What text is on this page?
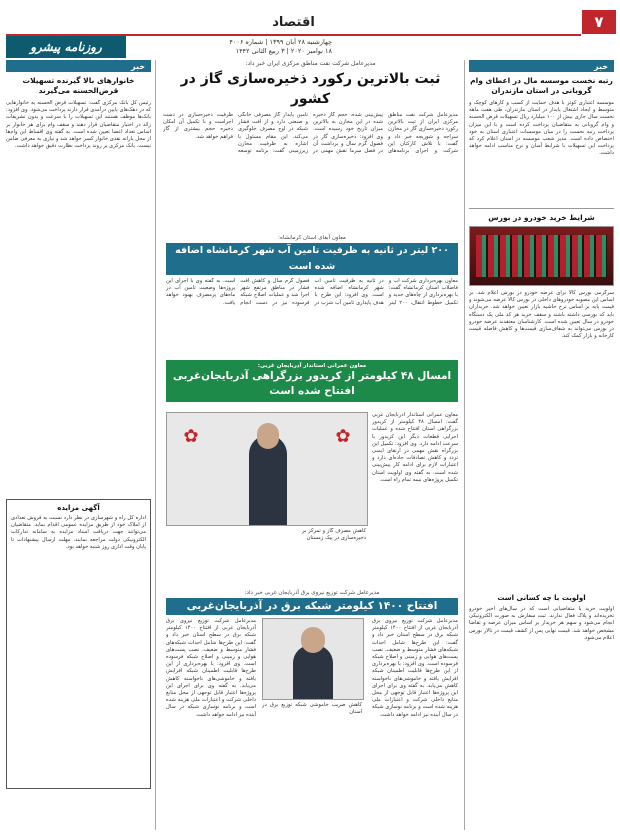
۷
اقتصاد
روزنامه پیشرو	چهارشنبه ۲۸ آبان ۱۳۹۹ | شماره ۴۰۰۶
۱۸ نوامبر ۲۰۲۰ | ۳ ربیع الثانی ۱۴۴۲
خبر
رتبه نخست موسسه مال در اعطای وام‌ گروبانی در استان مازندران
موسسه اعتباری کوثر با هدف حمایت از کسب و کارهای کوچک و متوسط و ایجاد اشتغال پایدار در استان مازندران، طی هفت ماهه نخست سال جاری بیش از ۱۰۰ میلیارد ریال تسهیلات قرض الحسنه و وام گروبانی به متقاضیان پرداخت کرده است و با این میزان پرداخت رتبه نخست را در میان موسسات اعتباری استان به خود اختصاص داده است. مدیر شعب موسسه در استان اعلام کرد که پرداخت این تسهیلات با شرایط آسان و نرخ مناسب ادامه خواهد داشت.
شرایط خرید خودرو در بورس
سرگرمی بورس کالا برای عرضه خودرو در بورس اعلام شد. بر اساس این مصوبه خودروهای داخلی در بورس کالا عرضه می‌شوند و قیمت پایه بر اساس نرخ حاشیه بازار تعیین خواهد شد. خریداران باید کد بورسی داشته باشند و سقف خرید هر کد ملی یک دستگاه خودرو در سال تعیین شده است. کارشناسان معتقدند عرضه خودرو در بورس می‌تواند به شفاف‌سازی قیمت‌ها و کاهش فاصله قیمت کارخانه و بازار کمک کند.
اولویت با چه کسانی است
اولویت خرید با متقاضیانی است که در سال‌های اخیر خودرو نخریده‌اند و پلاک فعال ندارند. ثبت سفارش به صورت الکترونیکی انجام می‌شود و سهم هر خریدار بر اساس میزان عرضه و تقاضا مشخص خواهد شد. قیمت نهایی پس از کشف قیمت در تالار بورس اعلام می‌شود.
مدیرعامل شرکت نفت مناطق مرکزی ایران خبر داد:
ثبت بالاترین رکورد ذخیره‌سازی گاز در کشور
مدیرعامل شرکت نفت مناطق مرکزی ایران از ثبت بالاترین رکورد ذخیره‌سازی گاز در مخازن سراجه و شوریجه خبر داد و گفت: با تلاش کارکنان این شرکت و اجرای برنامه‌های پیش‌بینی شده، حجم گاز ذخیره شده در این مخازن به بالاترین میزان تاریخ خود رسیده است. وی افزود: ذخیره‌سازی گاز در فصول گرم سال و برداشت آن در فصل سرما نقش مهمی در تامین پایدار گاز مصرفی خانگی و صنعتی دارد و از افت فشار شبکه در اوج مصرف جلوگیری می‌کند. این مقام مسئول با اشاره به ظرفیت مخازن زیرزمینی گفت: برنامه توسعه ظرفیت ذخیره‌سازی در دست اجراست و با تکمیل آن امکان ذخیره حجم بیشتری از گاز فراهم خواهد شد.
خبر
خانوارهای بالا گیرنده تسهیلات قرض‌الحسنه می‌گیرند
رئیس کل بانک مرکزی گفت: تسهیلات قرض الحسنه به خانوارهایی که در دهک‌های پایین درآمدی قرار دارند پرداخت می‌شود. وی افزود: بانک‌ها موظف هستند این تسهیلات را با سرعت و بدون تشریفات زائد در اختیار متقاضیان قرار دهند و سقف وام برای هر خانوار بر اساس تعداد اعضا تعیین شده است. به گفته وی اقساط این وام‌ها از محل یارانه نقدی خانوار کسر خواهد شد و نیازی به معرفی ضامن نیست. بانک مرکزی بر روند پرداخت نظارت دقیق خواهد داشت.
آگهی مزایده
اداره کل راه و شهرسازی در نظر دارد نسبت به فروش تعدادی از املاک خود از طریق مزایده عمومی اقدام نماید. متقاضیان می‌توانند جهت دریافت اسناد مزایده به سامانه تدارکات الکترونیکی دولت مراجعه نمایند. مهلت ارسال پیشنهادات تا پایان وقت اداری روز شنبه خواهد بود.
معاون آبفای استان کرمانشاه:
۲۰۰ لیتر در ثانیه به ظرفیت تامین آب شهر کرمانشاه اضافه شده است
معاون بهره‌برداری شرکت آب و فاضلاب استان کرمانشاه گفت: با بهره‌برداری از چاه‌های جدید و تکمیل خطوط انتقال، ۲۰۰ لیتر در ثانیه به ظرفیت تامین آب شهر کرمانشاه اضافه شده است. وی افزود: این طرح با هدف پایداری تامین آب شرب در فصول گرم سال و کاهش افت فشار در مناطق مرتفع شهر اجرا شد و عملیات اصلاح شبکه فرسوده نیز در دست انجام است. به گفته وی با اجرای این پروژه‌ها وضعیت تامین آب در ماه‌های پرمصرف بهبود خواهد یافت.
معاون عمرانی استاندار آذربایجان غربی:
امسال ۴۸ کیلومتر از کریدور بزرگراهی آذربایجان‌غربی افتتاح شده است
معاون عمرانی استاندار آذربایجان غربی گفت: امسال ۴۸ کیلومتر از کریدور بزرگراهی استان افتتاح شده و عملیات اجرایی قطعات دیگر این کریدور با سرعت ادامه دارد. وی افزود: تکمیل این بزرگراه نقش مهمی در ارتقای ایمنی تردد و کاهش تصادفات جاده‌ای دارد و اعتبارات لازم برای ادامه کار پیش‌بینی شده است. به گفته وی اولویت استان تکمیل پروژه‌های نیمه تمام راه است.
✿	✿
کاهش مصرف گاز و تمرکز بر ذخیره‌سازی در پیک زمستان
مدیرعامل شرکت توزیع نیروی برق آذربایجان غربی خبر داد:
افتتاح ۱۴۰۰ کیلومتر شبکه برق در آذربایجان‌غربی
مدیرعامل شرکت توزیع نیروی برق آذربایجان غربی از افتتاح ۱۴۰۰ کیلومتر شبکه برق در سطح استان خبر داد و گفت: این طرح‌ها شامل احداث شبکه‌های فشار متوسط و ضعیف، نصب پست‌های هوایی و زمینی و اصلاح شبکه فرسوده است. وی افزود: با بهره‌برداری از این طرح‌ها قابلیت اطمینان شبکه افزایش یافته و خاموشی‌های ناخواسته کاهش می‌یابد. به گفته وی برای اجرای این پروژه‌ها اعتبار قابل توجهی از محل منابع داخلی شرکت و اعتبارات ملی هزینه شده است و برنامه نوسازی شبکه در سال آینده نیز ادامه خواهد داشت.
کاهش ضریب خاموشی شبکه توزیع برق در استان
مدیرعامل شرکت توزیع نیروی برق آذربایجان غربی از افتتاح ۱۴۰۰ کیلومتر شبکه برق در سطح استان خبر داد و گفت: این طرح‌ها شامل احداث شبکه‌های فشار متوسط و ضعیف، نصب پست‌های هوایی و زمینی و اصلاح شبکه فرسوده است. وی افزود: با بهره‌برداری از این طرح‌ها قابلیت اطمینان شبکه افزایش یافته و خاموشی‌های ناخواسته کاهش می‌یابد. به گفته وی برای اجرای این پروژه‌ها اعتبار قابل توجهی از محل منابع داخلی شرکت و اعتبارات ملی هزینه شده است و برنامه نوسازی شبکه در سال آینده نیز ادامه خواهد داشت.
